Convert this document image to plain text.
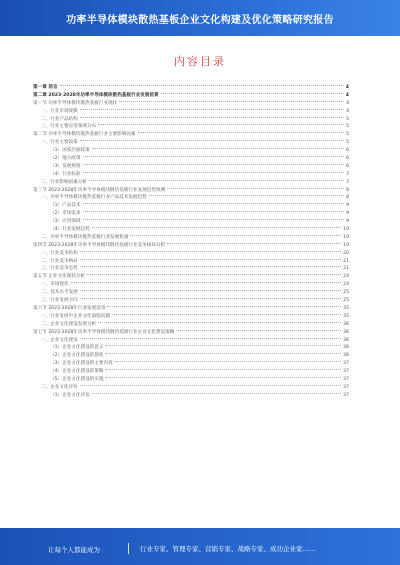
功率半导体模块散热基板企业文化构建及优化策略研究报告
内容目录
第一章 前言	4
第二章 2023-2028年功率半导体模块散热基板行业发展前景	4
第一节 功率半导体模块散热基板行业现状	4
一、行业市场规模	4
二、行业产品结构	5
三、行业主要应用领域分布	5
第二节 功率半导体模块散热基板行业主要影响因素	5
一、行业主要政策	5
（1）国家层面政策	6
（2）地方政策	6
（3）发展规划	6
（4）行业标准	7
二、行业影响因素分析	7
第三节 2023-2028年功率半导体模块散热基板行业发展趋势预测	8
一、功率半导体模块散热基板行业产品技术发展趋势	8
（1）产品技术	9
（2）市场需求	9
（3）应用领域	9
（4）行业发展趋势	10
二、功率半导体模块散热基板行业发展机遇	10
第四节 2023-2028年功率半导体模块散热基板行业竞争格局分析	10
一、行业竞争结构	20
二、行业竞争格局	21
三、行业竞争态势	21
第五节 企业文化现状分析	24
一、市场现状	24
二、技术水平发展	25
三、行业发展方向	25
第六节 2023-2028年行业发展前景	35
一、行业发展中企业文化面临问题	35
二、企业文化建设发展分析	36
第七节 2023-2028年功率半导体模块散热基板行业企业文化建设策略	36
一、企业文化建设	36
（1）企业文化建设的意义	36
（2）企业文化建设的现状	36
（3）企业文化建设的主要内容	37
（4）企业文化建设的策略	37
（5）企业文化建设的实施	37
二、企业文化评价	37
（1）企业文化评估	37
让每个人都能成为	行业专家、管理专家、营销专家、战略专家、成功企业家……
